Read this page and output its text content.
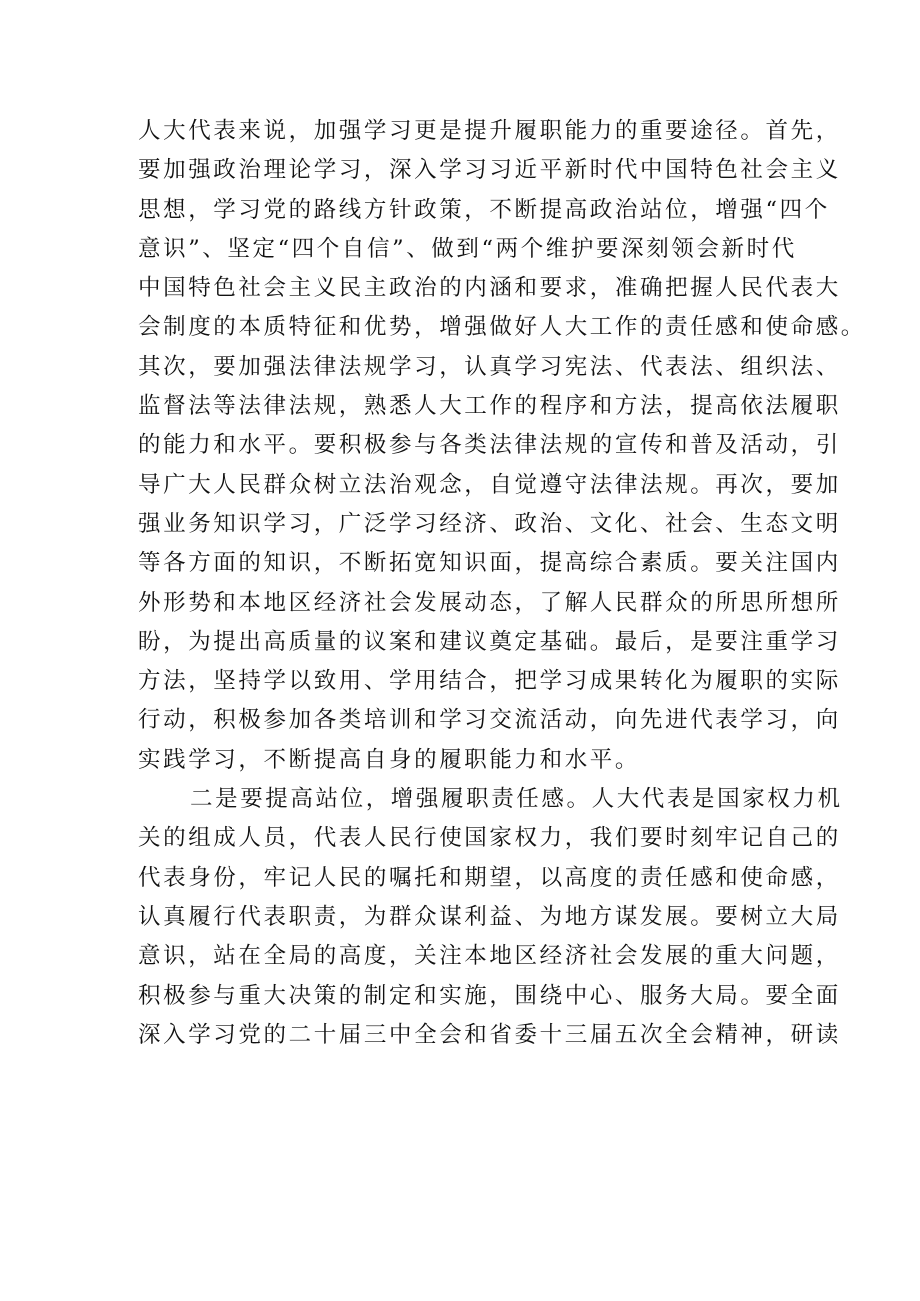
人大代表来说，加强学习更是提升履职能力的重要途径。首先，
要加强政治理论学习，深入学习习近平新时代中国特色社会主义
思想，学习党的路线方针政策，不断提高政治站位，增强“四个
意识”、坚定“四个自信”、做到“两个维护要深刻领会新时代
中国特色社会主义民主政治的内涵和要求，准确把握人民代表大
会制度的本质特征和优势，增强做好人大工作的责任感和使命感。
其次，要加强法律法规学习，认真学习宪法、代表法、组织法、
监督法等法律法规，熟悉人大工作的程序和方法，提高依法履职
的能力和水平。要积极参与各类法律法规的宣传和普及活动，引
导广大人民群众树立法治观念，自觉遵守法律法规。再次，要加
强业务知识学习，广泛学习经济、政治、文化、社会、生态文明
等各方面的知识，不断拓宽知识面，提高综合素质。要关注国内
外形势和本地区经济社会发展动态，了解人民群众的所思所想所
盼，为提出高质量的议案和建议奠定基础。最后，是要注重学习
方法，坚持学以致用、学用结合，把学习成果转化为履职的实际
行动，积极参加各类培训和学习交流活动，向先进代表学习，向
实践学习，不断提高自身的履职能力和水平。
二是要提高站位，增强履职责任感。人大代表是国家权力机
关的组成人员，代表人民行使国家权力，我们要时刻牢记自己的
代表身份，牢记人民的嘱托和期望，以高度的责任感和使命感，
认真履行代表职责，为群众谋利益、为地方谋发展。要树立大局
意识，站在全局的高度，关注本地区经济社会发展的重大问题，
积极参与重大决策的制定和实施，围绕中心、服务大局。要全面
深入学习党的二十届三中全会和省委十三届五次全会精神，研读
